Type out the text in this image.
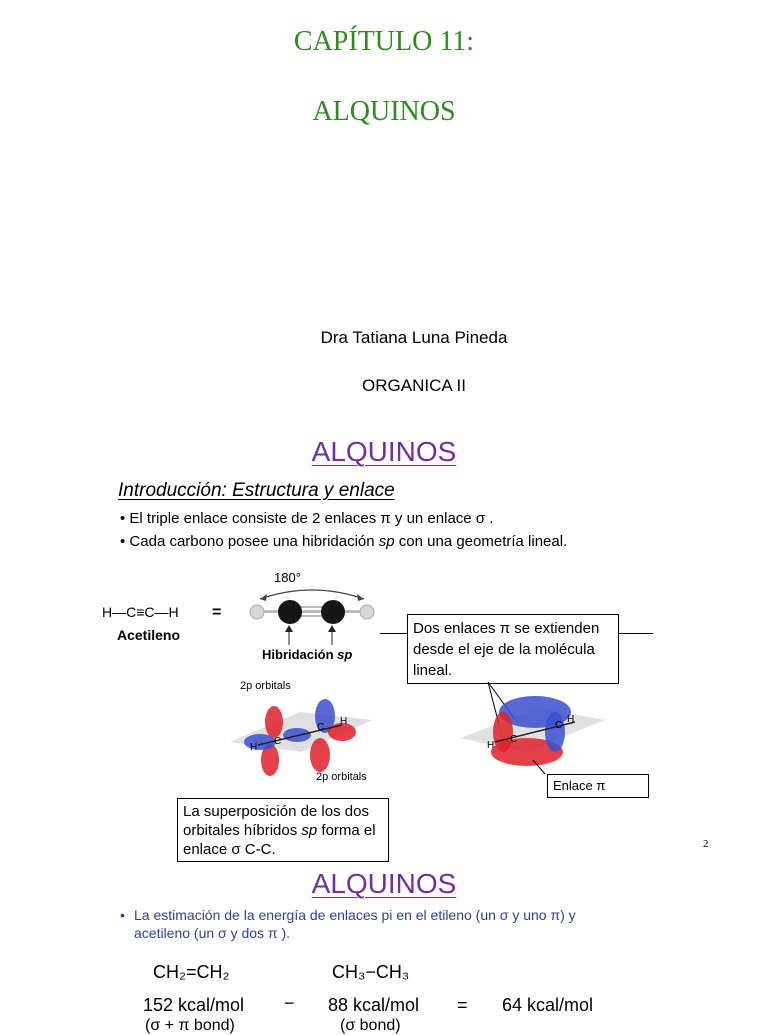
CAPÍTULO 11:
ALQUINOS
Dra Tatiana Luna Pineda
ORGANICA II
ALQUINOS
Introducción: Estructura y enlace
• El triple enlace consiste de 2 enlaces π y un enlace σ .
• Cada carbono posee una hibridación sp con una geometría lineal.
H—C≡C—H =
Acetileno
180°
Hibridación sp
Dos enlaces π se extienden desde el eje de la molécula lineal.
2p orbitals
H
C
C
H
2p orbitals
H
C
C
H
Enlace π
La superposición de los dos orbitales híbridos sp forma el enlace σ C-C.	2
ALQUINOS
• La estimación de la energía de enlaces pi en el etileno (un σ y uno π) y acetileno (un σ y dos π ).
CH₂=CH₂	CH₃−CH₃
152 kcal/mol − 88 kcal/mol = 64 kcal/mol
(σ + π bond)	(σ bond)
